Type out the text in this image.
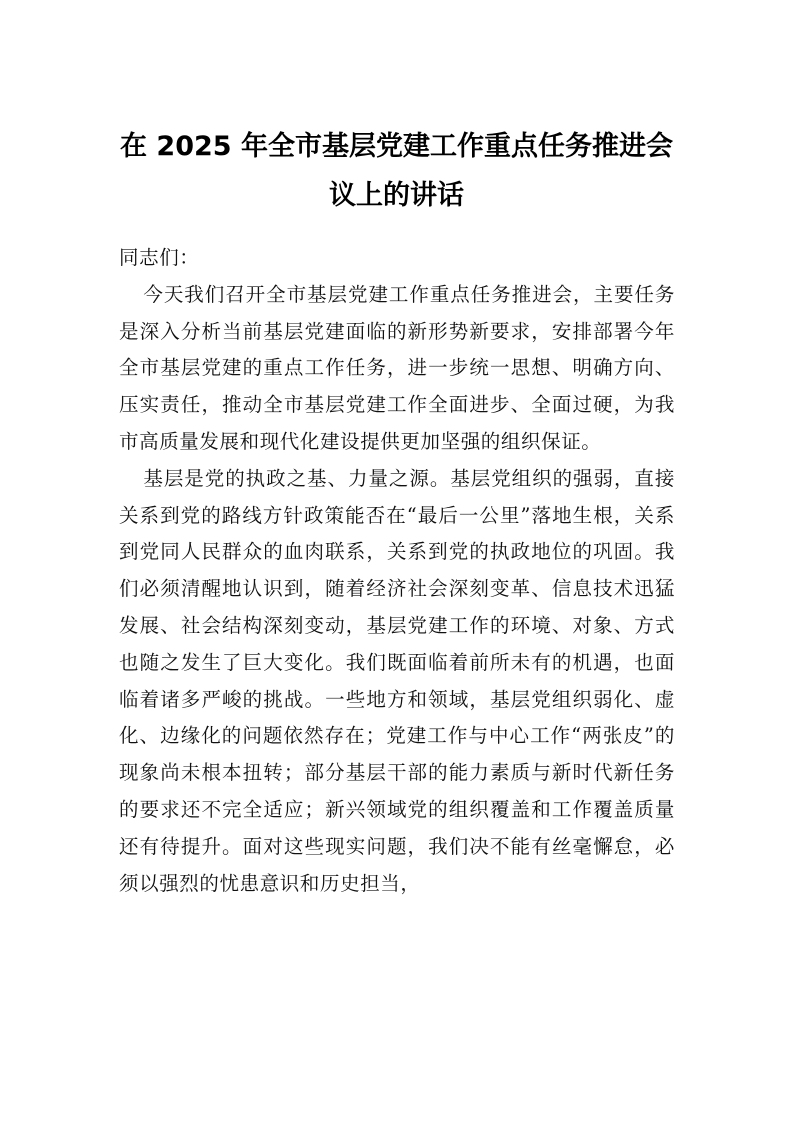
在 2025 年全市基层党建工作重点任务推进会议上的讲话

同志们：

今天我们召开全市基层党建工作重点任务推进会，主要任务是深入分析当前基层党建面临的新形势新要求，安排部署今年全市基层党建的重点工作任务，进一步统一思想、明确方向、压实责任，推动全市基层党建工作全面进步、全面过硬，为我市高质量发展和现代化建设提供更加坚强的组织保证。

基层是党的执政之基、力量之源。基层党组织的强弱，直接关系到党的路线方针政策能否在“最后一公里”落地生根，关系到党同人民群众的血肉联系，关系到党的执政地位的巩固。我们必须清醒地认识到，随着经济社会深刻变革、信息技术迅猛发展、社会结构深刻变动，基层党建工作的环境、对象、方式也随之发生了巨大变化。我们既面临着前所未有的机遇，也面临着诸多严峻的挑战。一些地方和领域，基层党组织弱化、虚化、边缘化的问题依然存在；党建工作与中心工作“两张皮”的现象尚未根本扭转；部分基层干部的能力素质与新时代新任务的要求还不完全适应；新兴领域党的组织覆盖和工作覆盖质量还有待提升。面对这些现实问题，我们决不能有丝毫懈怠，必须以强烈的忧患意识和历史担当，
